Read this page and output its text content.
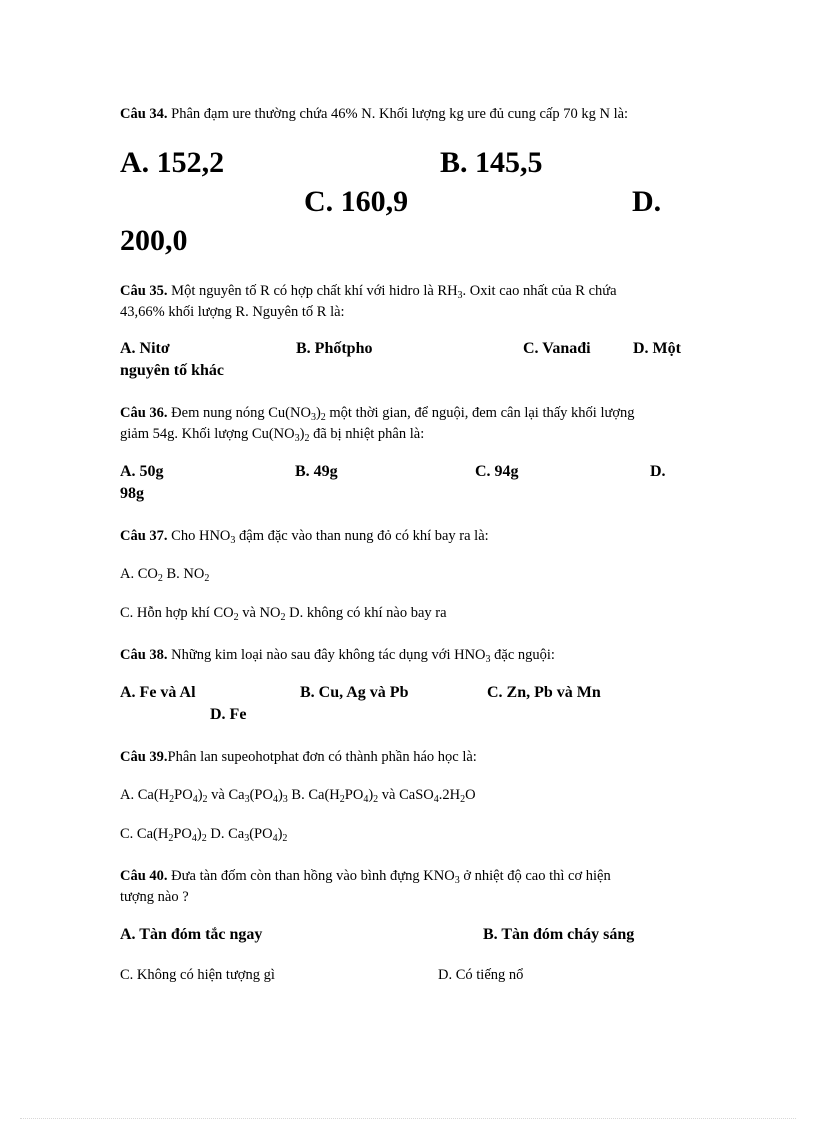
Câu 34. Phân đạm ure thường chứa 46% N. Khối lượng kg ure đủ cung cấp 70 kg N là:
A. 152,2	B. 145,5
C. 160,9	D.
200,0
Câu 35. Một nguyên tố R có hợp chất khí với hidro là $RH_3$. Oxit cao nhất của R chứa
43,66% khối lượng R. Nguyên tố R là:
A. Nitơ	B. Phốtpho	C. Vanađi	D. Một
nguyên tố khác
Câu 36. Đem nung nóng $Cu(NO_3)_2$ một thời gian, để nguội, đem cân lại thấy khối lượng
giảm 54g. Khối lượng $Cu(NO_3)_2$ đã bị nhiệt phân là:
A. 50g	B. 49g	C. 94g	D.
98g
Câu 37. Cho $HNO_3$ đậm đặc vào than nung đỏ có khí bay ra là:
A. $CO_2$ B. $NO_2$
C. Hỗn hợp khí $CO_2$ và $NO_2$ D. không có khí nào bay ra
Câu 38. Những kim loại nào sau đây không tác dụng với $HNO_3$ đặc nguội:
A. Fe và Al	B. Cu, Ag và Pb	C. Zn, Pb và Mn
D. Fe
Câu 39.Phân lan supeohotphat đơn có thành phần háo học là:
A. $Ca(H_2PO_4)_2$ và $Ca_3(PO_4)_3$ B. $Ca(H_2PO_4)_2$ và $CaSO_4.2H_2O$
C. $Ca(H_2PO_4)_2$ D. $Ca_3(PO_4)_2$
Câu 40. Đưa tàn đốm còn than hồng vào bình đựng $KNO_3$ ở nhiệt độ cao thì cơ hiện
tượng nào ?
A. Tàn đóm tắc ngay	B. Tàn đóm cháy sáng
C. Không có hiện tượng gì	D. Có tiếng nổ
